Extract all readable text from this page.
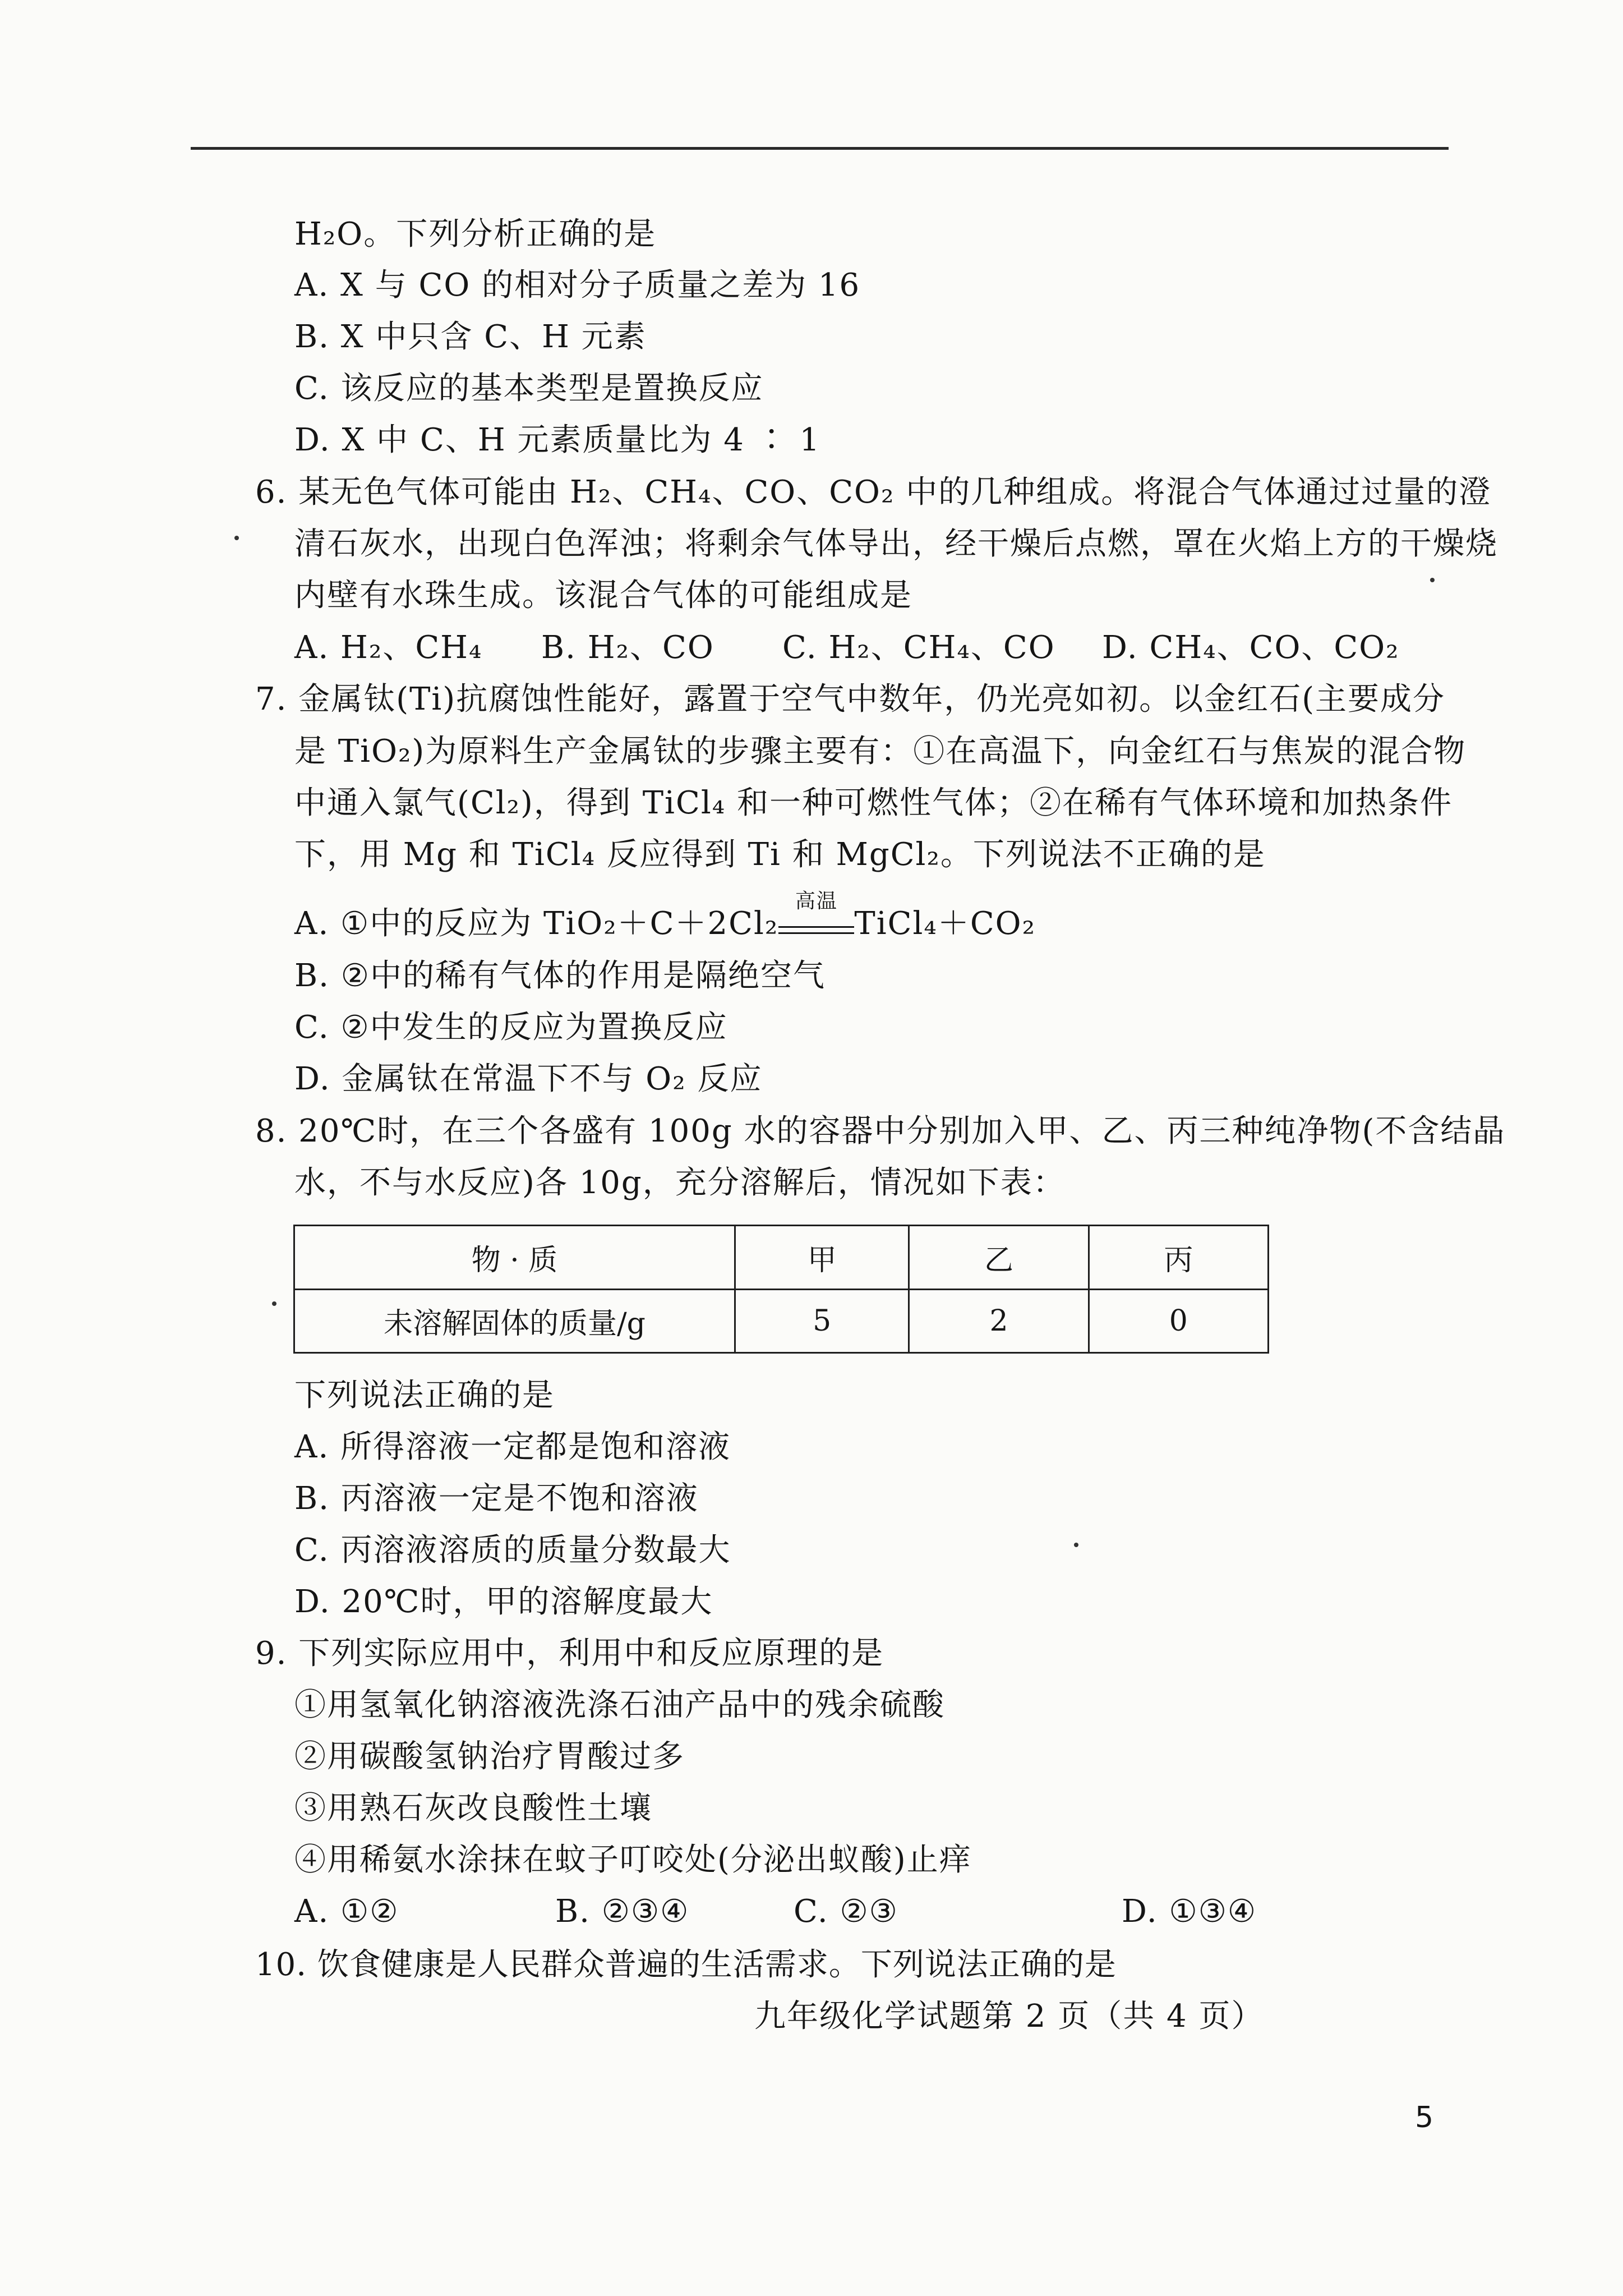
H₂O。下列分析正确的是
A. X 与 CO 的相对分子质量之差为 16
B. X 中只含 C、H 元素
C. 该反应的基本类型是置换反应
D. X 中 C、H 元素质量比为 4 ∶ 1
6. 某无色气体可能由 H₂、CH₄、CO、CO₂ 中的几种组成。将混合气体通过过量的澄
清石灰水，出现白色浑浊；将剩余气体导出，经干燥后点燃，罩在火焰上方的干燥烧
内壁有水珠生成。该混合气体的可能组成是
A. H₂、CH₄ B. H₂、CO C. H₂、CH₄、CO D. CH₄、CO、CO₂
7. 金属钛(Ti)抗腐蚀性能好，露置于空气中数年，仍光亮如初。以金红石(主要成分
是 TiO₂)为原料生产金属钛的步骤主要有：①在高温下，向金红石与焦炭的混合物
中通入氯气(Cl₂)，得到 TiCl₄ 和一种可燃性气体；②在稀有气体环境和加热条件
下，用 Mg 和 TiCl₄ 反应得到 Ti 和 MgCl₂。下列说法不正确的是
A. ①中的反应为 TiO₂＋C＋2Cl₂
高温
TiCl₄＋CO₂
B. ②中的稀有气体的作用是隔绝空气
C. ②中发生的反应为置换反应
D. 金属钛在常温下不与 O₂ 反应
8. 20℃时，在三个各盛有 100g 水的容器中分别加入甲、乙、丙三种纯净物(不含结晶
水，不与水反应)各 10g，充分溶解后，情况如下表：
物 · 质	甲	乙	丙
未溶解固体的质量/g	5	2	0
下列说法正确的是
A. 所得溶液一定都是饱和溶液
B. 丙溶液一定是不饱和溶液
C. 丙溶液溶质的质量分数最大
D. 20℃时，甲的溶解度最大
9. 下列实际应用中，利用中和反应原理的是
①用氢氧化钠溶液洗涤石油产品中的残余硫酸
②用碳酸氢钠治疗胃酸过多
③用熟石灰改良酸性土壤
④用稀氨水涂抹在蚊子叮咬处(分泌出蚁酸)止痒
A. ①②	B. ②③④	C. ②③	D. ①③④
10. 饮食健康是人民群众普遍的生活需求。下列说法正确的是
九年级化学试题第 2 页（共 4 页）
5
